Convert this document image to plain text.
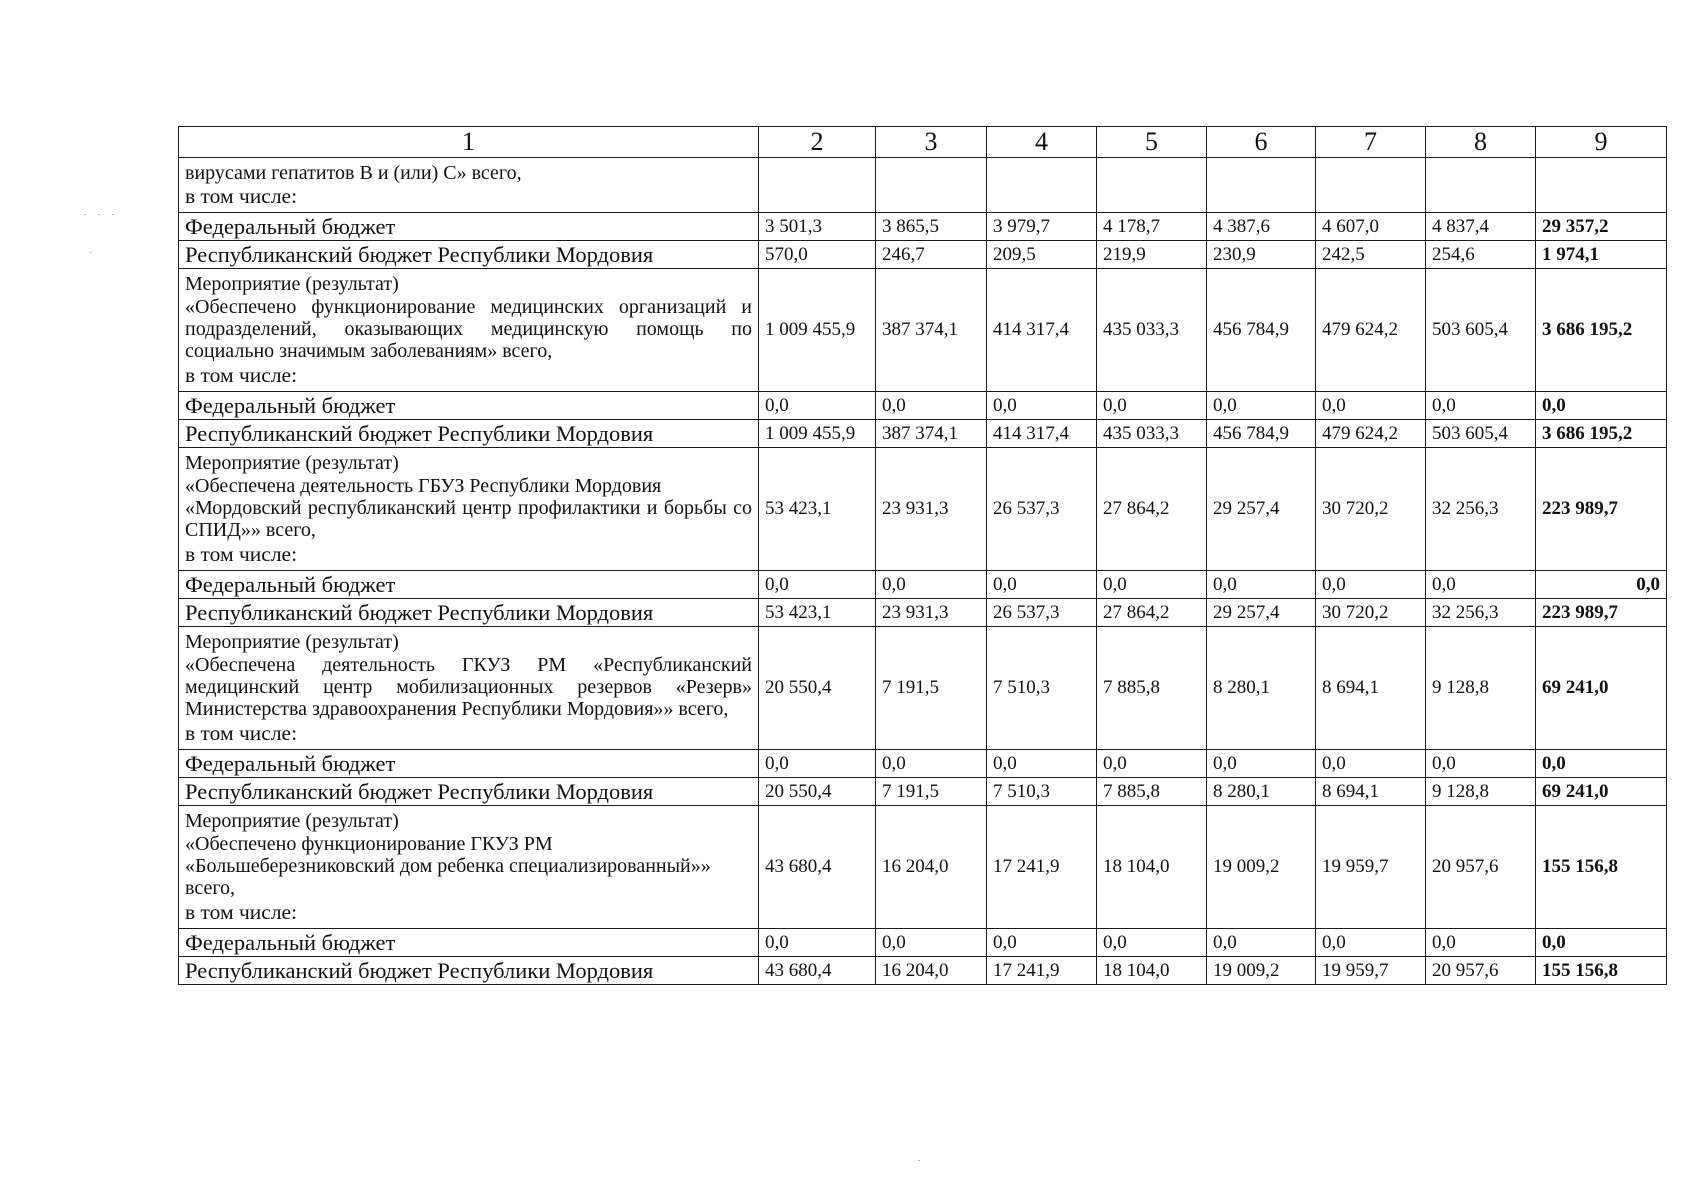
1	2	3	4	5	6	7	8	9

вирусами гепатитов В и (или) С» всего,
в том числе:								

Федеральный бюджет	3 501,3	3 865,5	3 979,7	4 178,7	4 387,6	4 607,0	4 837,4	29 357,2
Республиканский бюджет Республики Мордовия	570,0	246,7	209,5	219,9	230,9	242,5	254,6	1 974,1

Мероприятие (результат)
«Обеспечено функционирование медицинских организаций и подразделений, оказывающих медицинскую помощь по социально значимым заболеваниям» всего,
в том числе:	1 009 455,9	387 374,1	414 317,4	435 033,3	456 784,9	479 624,2	503 605,4	3 686 195,2
Федеральный бюджет	0,0	0,0	0,0	0,0	0,0	0,0	0,0	0,0
Республиканский бюджет Республики Мордовия	1 009 455,9	387 374,1	414 317,4	435 033,3	456 784,9	479 624,2	503 605,4	3 686 195,2

Мероприятие (результат)
«Обеспечена деятельность ГБУЗ Республики Мордовия
«Мордовский республиканский центр профилактики и борьбы со СПИД»» всего,
в том числе:	53 423,1	23 931,3	26 537,3	27 864,2	29 257,4	30 720,2	32 256,3	223 989,7
Федеральный бюджет	0,0	0,0	0,0	0,0	0,0	0,0	0,0	0,0
Республиканский бюджет Республики Мордовия	53 423,1	23 931,3	26 537,3	27 864,2	29 257,4	30 720,2	32 256,3	223 989,7

Мероприятие (результат)
«Обеспечена деятельность ГКУЗ РМ «Республиканский медицинский центр мобилизационных резервов «Резерв» Министерства здравоохранения Республики Мордовия»» всего,
в том числе:	20 550,4	7 191,5	7 510,3	7 885,8	8 280,1	8 694,1	9 128,8	69 241,0
Федеральный бюджет	0,0	0,0	0,0	0,0	0,0	0,0	0,0	0,0
Республиканский бюджет Республики Мордовия	20 550,4	7 191,5	7 510,3	7 885,8	8 280,1	8 694,1	9 128,8	69 241,0

Мероприятие (результат)
«Обеспечено функционирование ГКУЗ РМ
«Большеберезниковский дом ребенка специализированный»»
всего,
в том числе:	43 680,4	16 204,0	17 241,9	18 104,0	19 009,2	19 959,7	20 957,6	155 156,8
Федеральный бюджет	0,0	0,0	0,0	0,0	0,0	0,0	0,0	0,0
Республиканский бюджет Республики Мордовия	43 680,4	16 204,0	17 241,9	18 104,0	19 009,2	19 959,7	20 957,6	155 156,8
